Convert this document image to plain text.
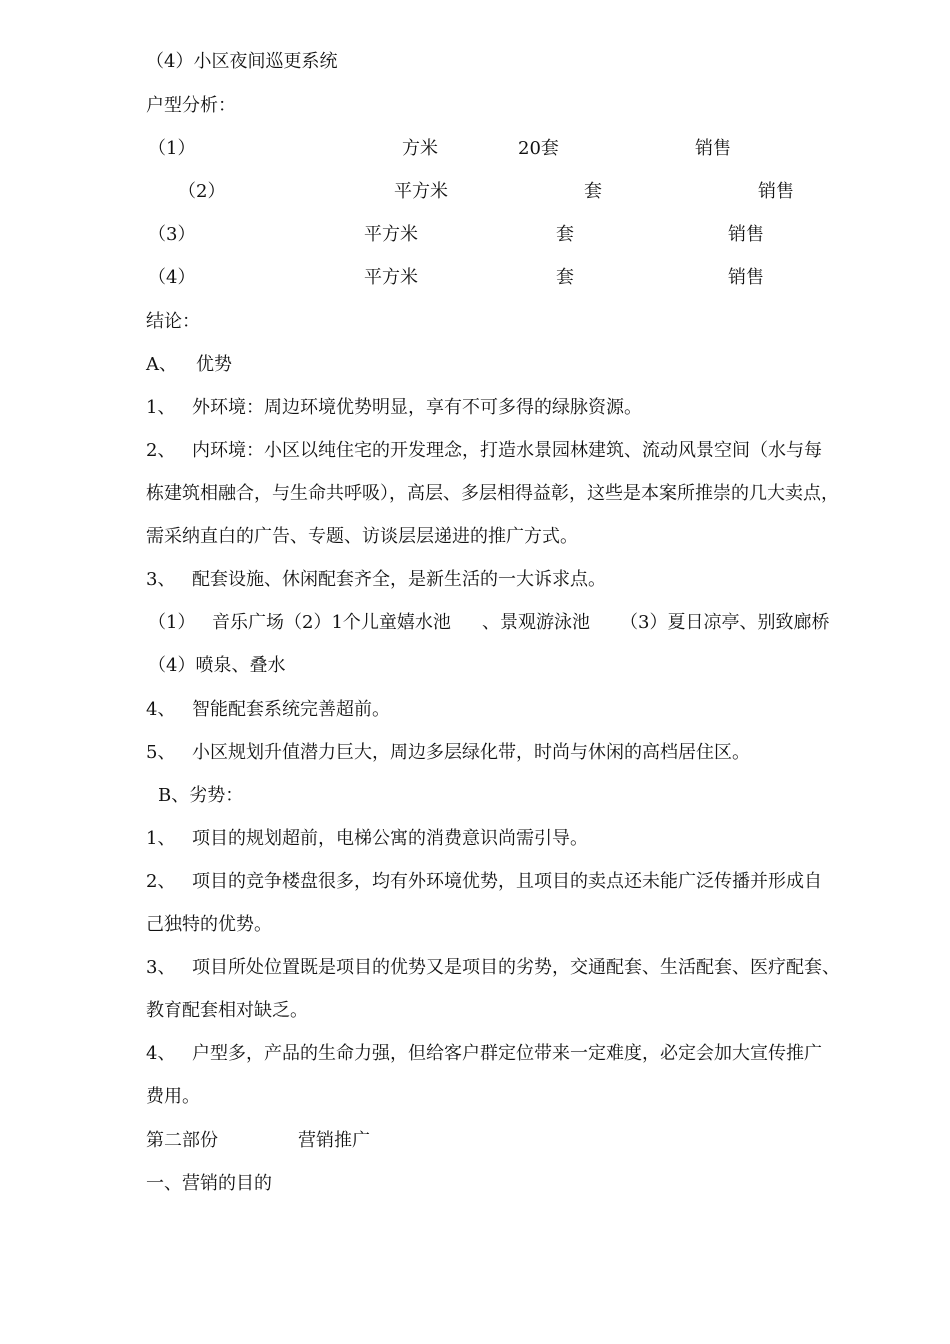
（4）小区夜间巡更系统
户型分析：
（1）	方米	20套	销售
（2）	平方米	套	销售
（3）	平方米	套	销售
（4）	平方米	套	销售
结论：
A、 优势
1、 外环境：周边环境优势明显，享有不可多得的绿脉资源。
2、 内环境：小区以纯住宅的开发理念，打造水景园林建筑、流动风景空间（水与每
栋建筑相融合，与生命共呼吸），高层、多层相得益彰，这些是本案所推崇的几大卖点，
需采纳直白的广告、专题、访谈层层递进的推广方式。
3、 配套设施、休闲配套齐全，是新生活的一大诉求点。
（1） 音乐广场（2）1个儿童嬉水池 、景观游泳池 （3）夏日凉亭、别致廊桥
（4）喷泉、叠水
4、 智能配套系统完善超前。
5、 小区规划升值潜力巨大，周边多层绿化带，时尚与休闲的高档居住区。
B、劣势：
1、 项目的规划超前，电梯公寓的消费意识尚需引导。
2、 项目的竞争楼盘很多，均有外环境优势，且项目的卖点还未能广泛传播并形成自
己独特的优势。
3、 项目所处位置既是项目的优势又是项目的劣势，交通配套、生活配套、医疗配套、
教育配套相对缺乏。
4、 户型多，产品的生命力强，但给客户群定位带来一定难度，必定会加大宣传推广
费用。
第二部份	营销推广
一、营销的目的
